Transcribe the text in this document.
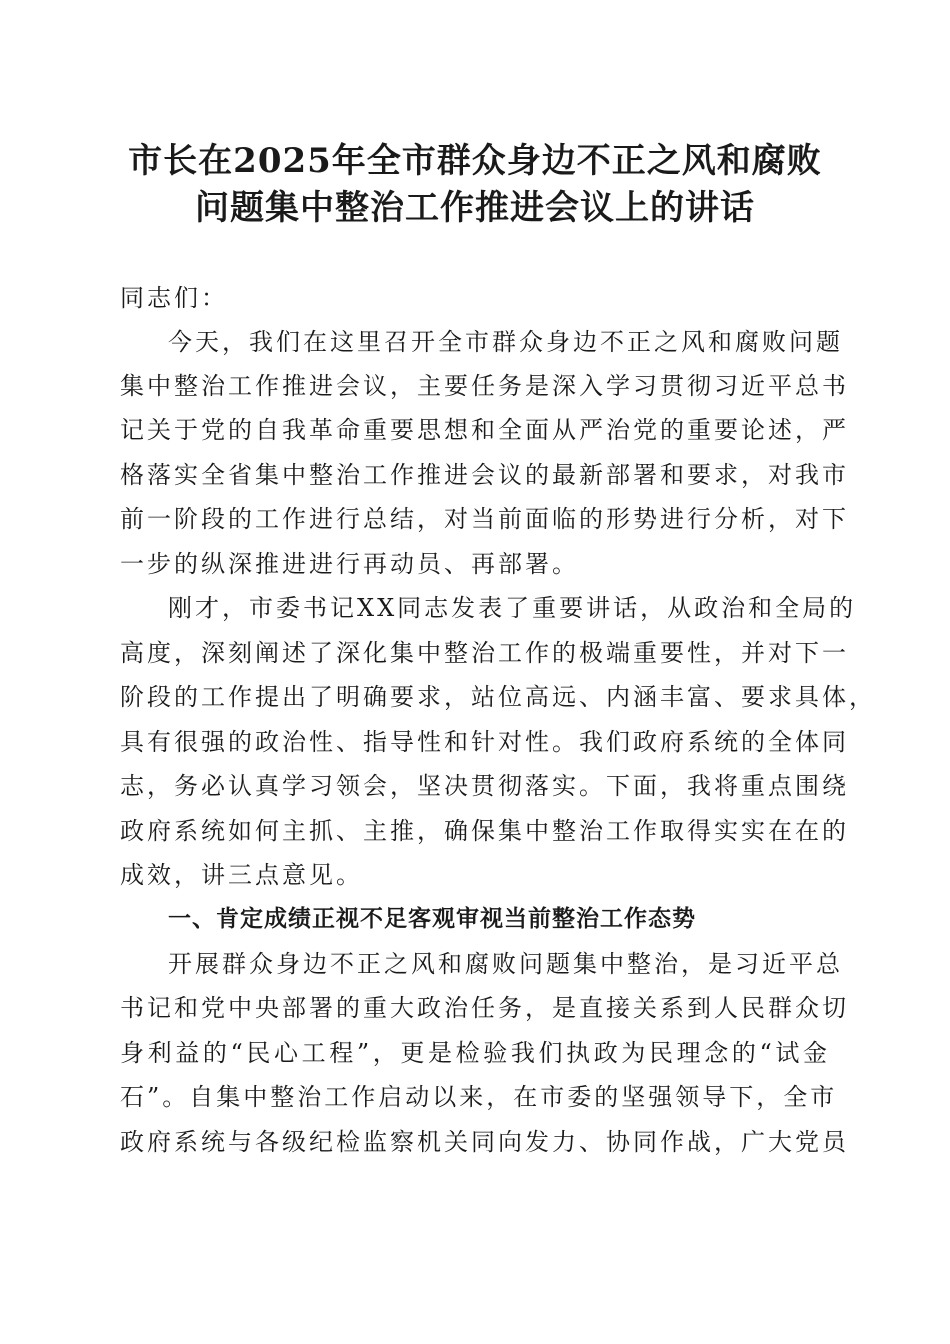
市长在2025年全市群众身边不正之风和腐败
问题集中整治工作推进会议上的讲话
同志们：
今天，我们在这里召开全市群众身边不正之风和腐败问题
集中整治工作推进会议，主要任务是深入学习贯彻习近平总书
记关于党的自我革命重要思想和全面从严治党的重要论述，严
格落实全省集中整治工作推进会议的最新部署和要求，对我市
前一阶段的工作进行总结，对当前面临的形势进行分析，对下
一步的纵深推进进行再动员、再部署。
刚才，市委书记XX同志发表了重要讲话，从政治和全局的
高度，深刻阐述了深化集中整治工作的极端重要性，并对下一
阶段的工作提出了明确要求，站位高远、内涵丰富、要求具体，
具有很强的政治性、指导性和针对性。我们政府系统的全体同
志，务必认真学习领会，坚决贯彻落实。下面，我将重点围绕
政府系统如何主抓、主推，确保集中整治工作取得实实在在的
成效，讲三点意见。
一、肯定成绩正视不足客观审视当前整治工作态势
开展群众身边不正之风和腐败问题集中整治，是习近平总
书记和党中央部署的重大政治任务，是直接关系到人民群众切
身利益的“民心工程”，更是检验我们执政为民理念的“试金
石”。自集中整治工作启动以来，在市委的坚强领导下，全市
政府系统与各级纪检监察机关同向发力、协同作战，广大党员
